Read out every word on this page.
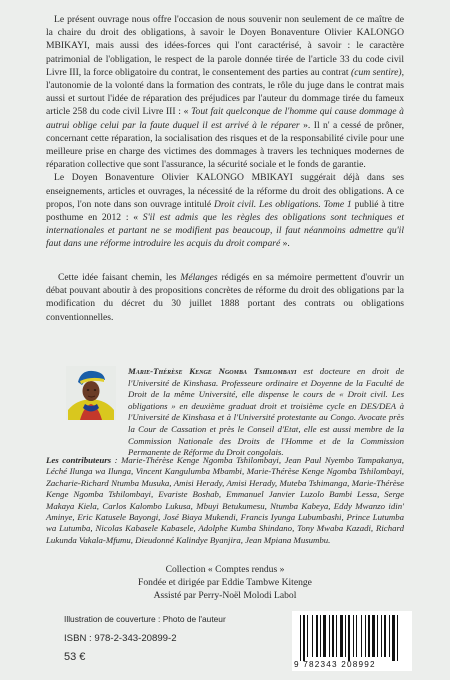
Le présent ouvrage nous offre l'occasion de nous souvenir non seulement de ce maître de la chaire du droit des obligations, à savoir le Doyen Bonaventure Olivier KALONGO MBIKAYI, mais aussi des idées-forces qui l'ont caractérisé, à savoir : le caractère patrimonial de l'obligation, le respect de la parole donnée tirée de l'article 33 du code civil Livre III, la force obligatoire du contrat, le consentement des parties au contrat (cum sentire), l'autonomie de la volonté dans la formation des contrats, le rôle du juge dans le contrat mais aussi et surtout l'idée de réparation des préjudices par l'auteur du dommage tirée du fameux article 258 du code civil Livre III : « Tout fait quelconque de l'homme qui cause dommage à autrui oblige celui par la faute duquel il est arrivé à le réparer ». Il n' a cessé de prôner, concernant cette réparation, la socialisation des risques et de la responsabilité civile pour une meilleure prise en charge des victimes des dommages à travers les techniques modernes de réparation collective que sont l'assurance, la sécurité sociale et le fonds de garantie.

Le Doyen Bonaventure Olivier KALONGO MBIKAYI suggérait déjà dans ses enseignements, articles et ouvrages, la nécessité de la réforme du droit des obligations. A ce propos, l'on note dans son ouvrage intitulé Droit civil. Les obligations. Tome 1 publié à titre posthume en 2012 : « S'il est admis que les règles des obligations sont techniques et internationales et partant ne se modifient pas beaucoup, il faut néanmoins admettre qu'il faut dans une réforme introduire les acquis du droit comparé ».

Cette idée faisant chemin, les Mélanges rédigés en sa mémoire permettent d'ouvrir un débat pouvant aboutir à des propositions concrètes de réforme du droit des obligations par la modification du décret du 30 juillet 1888 portant des contrats ou obligations conventionnelles.

Marie-Thérèse Kenge Ngomba Tshilombayi est docteure en droit de l'Université de Kinshasa. Professeure ordinaire et Doyenne de la Faculté de Droit de la même Université, elle dispense le cours de « Droit civil. Les obligations » en deuxième graduat droit et troisième cycle en DES/DEA à l'Université de Kinshasa et à l'Université protestante au Congo. Avocate près la Cour de Cassation et près le Conseil d'Etat, elle est aussi membre de la Commission Nationale des Droits de l'Homme et de la Commission Permanente de Réforme du Droit congolais.

Les contributeurs : Marie-Thérèse Kenge Ngomba Tshilombayi, Jean Paul Nyembo Tampakanya, Léché Ilunga wa Ilunga, Vincent Kangulumba Mbambi, Marie-Thérèse Kenge Ngomba Tshilombayi, Zacharie-Richard Ntumba Musuka, Amisi Herady, Amisi Herady, Muteba Tshimanga, Marie-Thérèse Kenge Ngomba Tshilombayi, Evariste Boshab, Emmanuel Janvier Luzolo Bambi Lessa, Serge Makaya Kiela, Carlos Kalombo Lukusa, Mbuyi Betukumesu, Ntumba Kabeya, Eddy Mwanzo idin' Aminye, Eric Katusele Bayongi, José Biaya Mukendi, Francis Iyunga Lubumbashi, Prince Lutumba wa Lutumba, Nicolas Kabasele Kabasele, Adolphe Kumba Shindano, Tony Mwaba Kazadi, Richard Lukunda Vakala-Mfumu, Dieudonné Kalindye Byanjira, Jean Mpiana Musumbu.

Collection « Comptes rendus »
Fondée et dirigée par Eddie Tambwe Kitenge
Assisté par Perry-Noël Molodi Labol
Illustration de couverture : Photo de l'auteur
ISBN : 978-2-343-20899-2
53 €
9 782343 208992
